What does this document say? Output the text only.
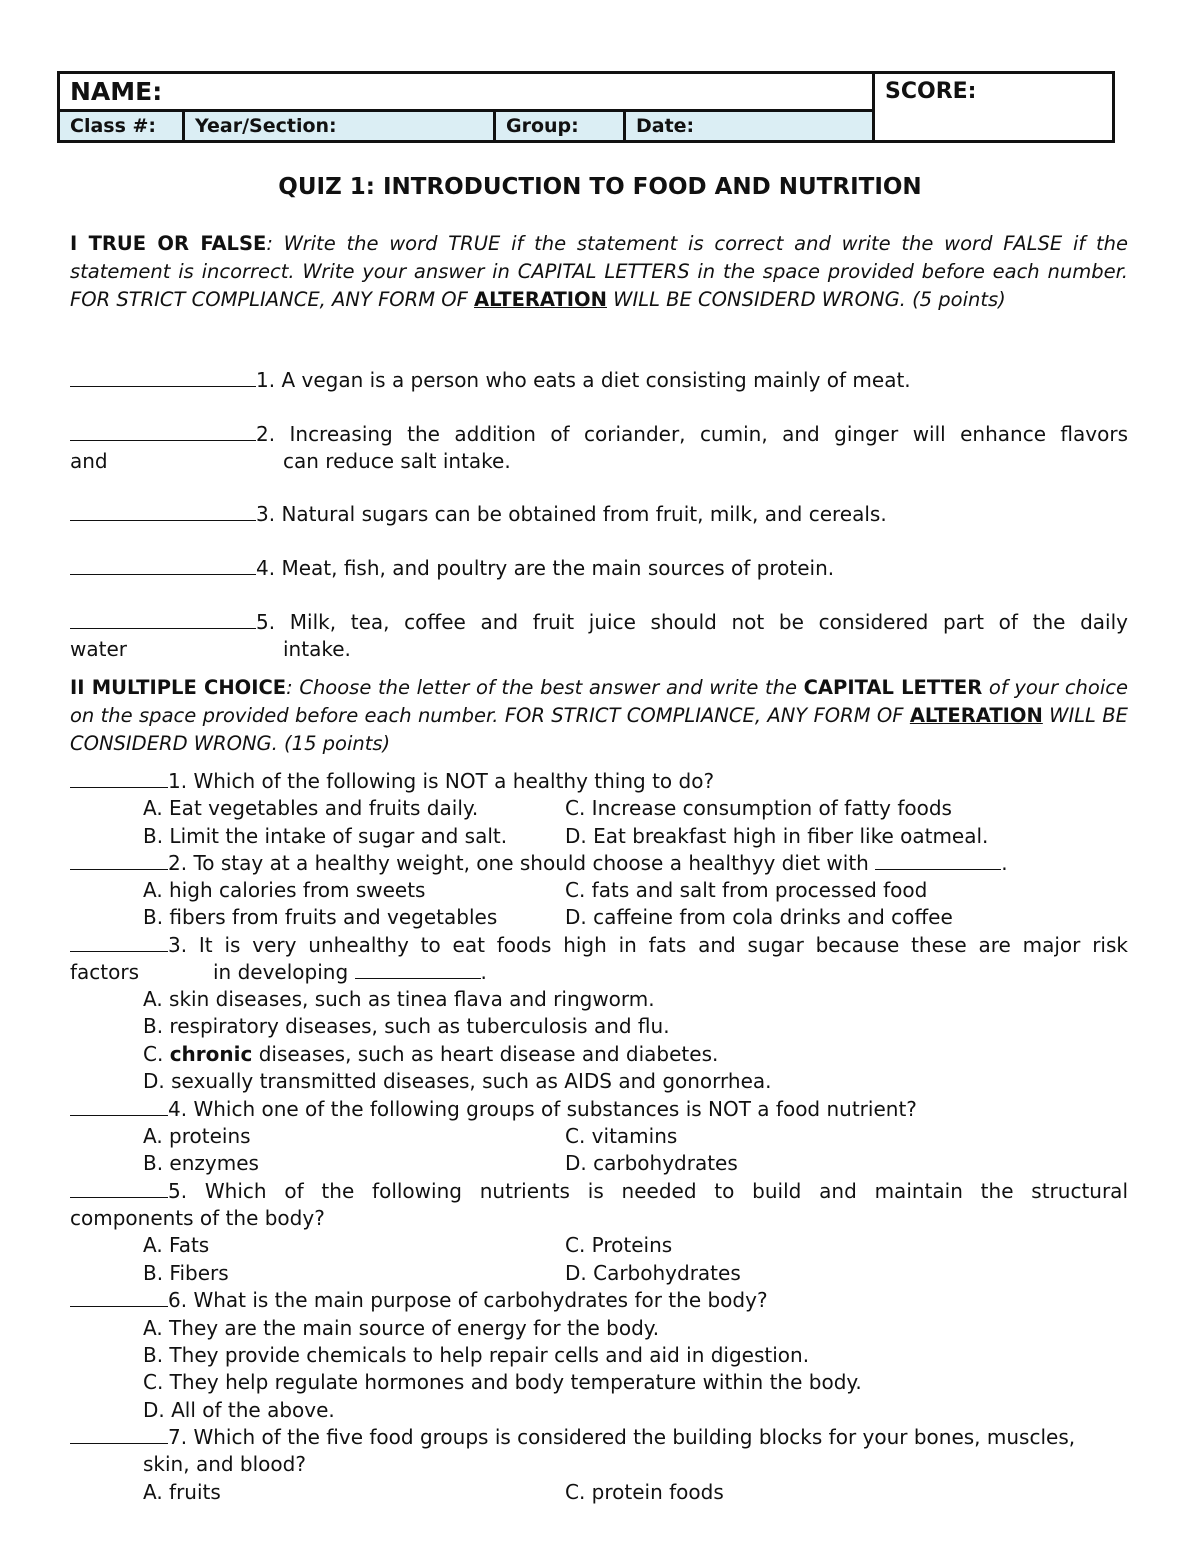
NAME:	SCORE:
Class #:	Year/Section:	Group:	Date:
QUIZ 1: INTRODUCTION TO FOOD AND NUTRITION
I TRUE OR FALSE: Write the word TRUE if the statement is correct and write the word FALSE if the statement is incorrect. Write your answer in CAPITAL LETTERS in the space provided before each number. FOR STRICT COMPLIANCE, ANY FORM OF ALTERATION WILL BE CONSIDERD WRONG. (5 points)
1. A vegan is a person who eats a diet consisting mainly of meat.
2. Increasing the addition of coriander, cumin, and ginger will enhance flavors
and	can reduce salt intake.
3. Natural sugars can be obtained from fruit, milk, and cereals.
4. Meat, fish, and poultry are the main sources of protein.
5. Milk, tea, coffee and fruit juice should not be considered part of the daily
water	intake.
II MULTIPLE CHOICE: Choose the letter of the best answer and write the CAPITAL LETTER of your choice on the space provided before each number. FOR STRICT COMPLIANCE, ANY FORM OF ALTERATION WILL BE CONSIDERD WRONG. (15 points)
1. Which of the following is NOT a healthy thing to do?
A. Eat vegetables and fruits daily.	C. Increase consumption of fatty foods
B. Limit the intake of sugar and salt.	D. Eat breakfast high in fiber like oatmeal.
2. To stay at a healthy weight, one should choose a healthyy diet with	.
A. high calories from sweets	C. fats and salt from processed food
B. fibers from fruits and vegetables	D. caffeine from cola drinks and coffee
3. It is very unhealthy to eat foods high in fats and sugar because these are major risk
factors	in developing	.
A. skin diseases, such as tinea flava and ringworm.
B. respiratory diseases, such as tuberculosis and flu.
C. chronic diseases, such as heart disease and diabetes.
D. sexually transmitted diseases, such as AIDS and gonorrhea.
4. Which one of the following groups of substances is NOT a food nutrient?
A. proteins	C. vitamins
B. enzymes	D. carbohydrates
5. Which of the following nutrients is needed to build and maintain the structural
components of the body?
A. Fats	C. Proteins
B. Fibers	D. Carbohydrates
6. What is the main purpose of carbohydrates for the body?
A. They are the main source of energy for the body.
B. They provide chemicals to help repair cells and aid in digestion.
C. They help regulate hormones and body temperature within the body.
D. All of the above.
7. Which of the five food groups is considered the building blocks for your bones, muscles,
skin, and blood?
A. fruits	C. protein foods
